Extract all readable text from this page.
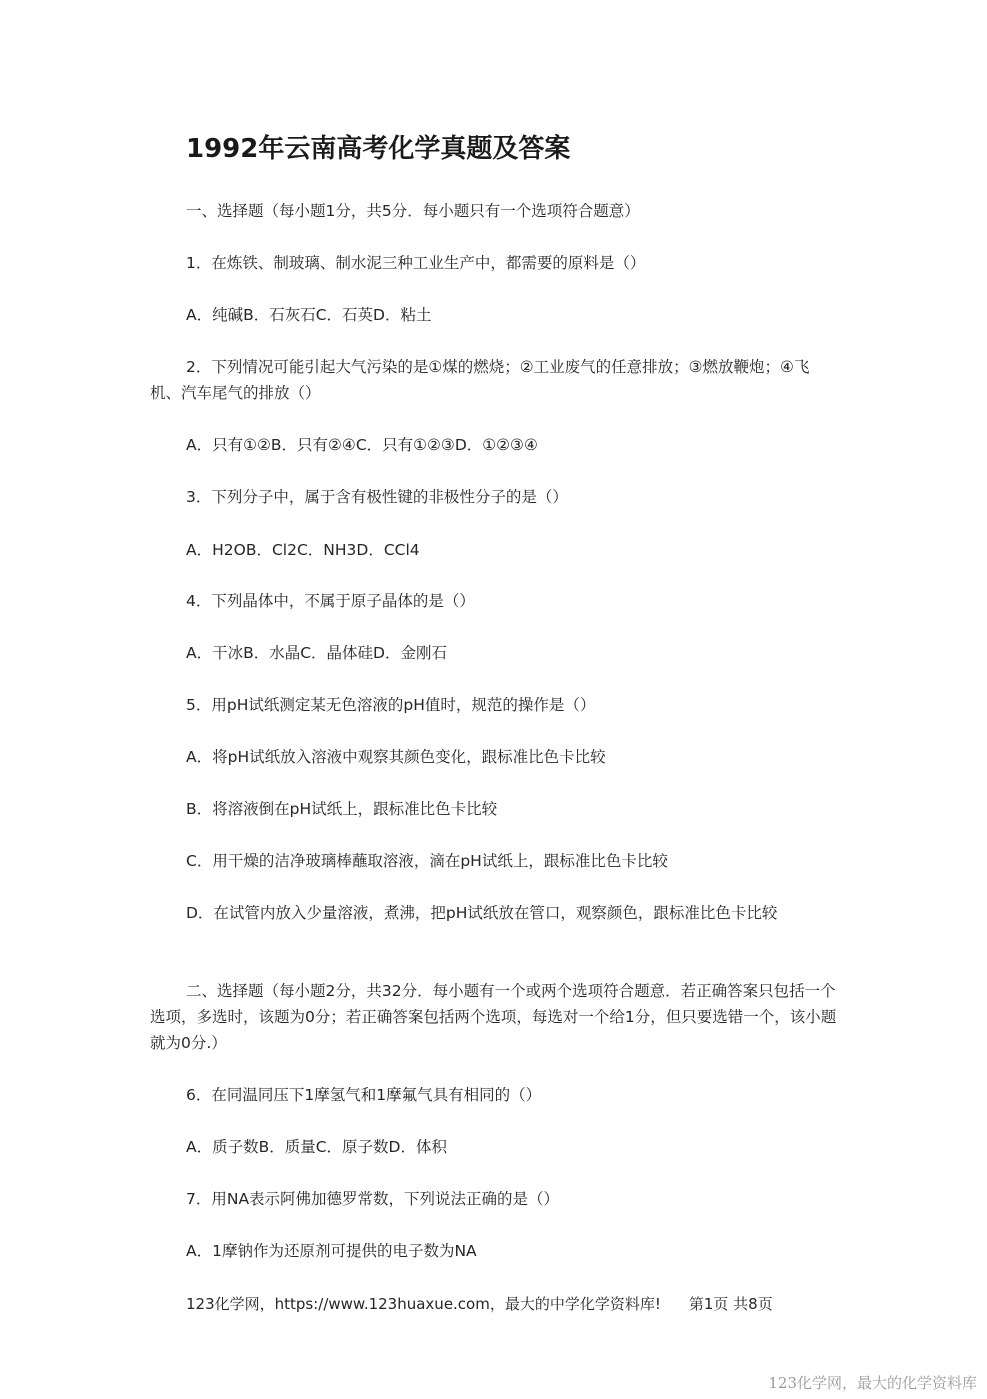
1992年云南高考化学真题及答案
一、选择题（每小题1分，共5分．每小题只有一个选项符合题意）
1．在炼铁、制玻璃、制水泥三种工业生产中，都需要的原料是（）
A．纯碱B．石灰石C．石英D．粘土
2．下列情况可能引起大气污染的是①煤的燃烧；②工业废气的任意排放；③燃放鞭炮；④飞机、汽车尾气的排放（）
A．只有①②B．只有②④C．只有①②③D．①②③④
3．下列分子中，属于含有极性键的非极性分子的是（）
A．H2OB．Cl2C．NH3D．CCl4
4．下列晶体中，不属于原子晶体的是（）
A．干冰B．水晶C．晶体硅D．金刚石
5．用pH试纸测定某无色溶液的pH值时，规范的操作是（）
A．将pH试纸放入溶液中观察其颜色变化，跟标准比色卡比较
B．将溶液倒在pH试纸上，跟标准比色卡比较
C．用干燥的洁净玻璃棒蘸取溶液，滴在pH试纸上，跟标准比色卡比较
D．在试管内放入少量溶液，煮沸，把pH试纸放在管口，观察颜色，跟标准比色卡比较
二、选择题（每小题2分，共32分．每小题有一个或两个选项符合题意．若正确答案只包括一个选项，多选时，该题为0分；若正确答案包括两个选项，每选对一个给1分，但只要选错一个，该小题就为0分.）
6．在同温同压下1摩氢气和1摩氟气具有相同的（）
A．质子数B．质量C．原子数D．体积
7．用NA表示阿佛加德罗常数，下列说法正确的是（）
A．1摩钠作为还原剂可提供的电子数为NA
123化学网，https://www.123huaxue.com，最大的中学化学资料库! 第1页 共8页
123化学网，最大的化学资料库
